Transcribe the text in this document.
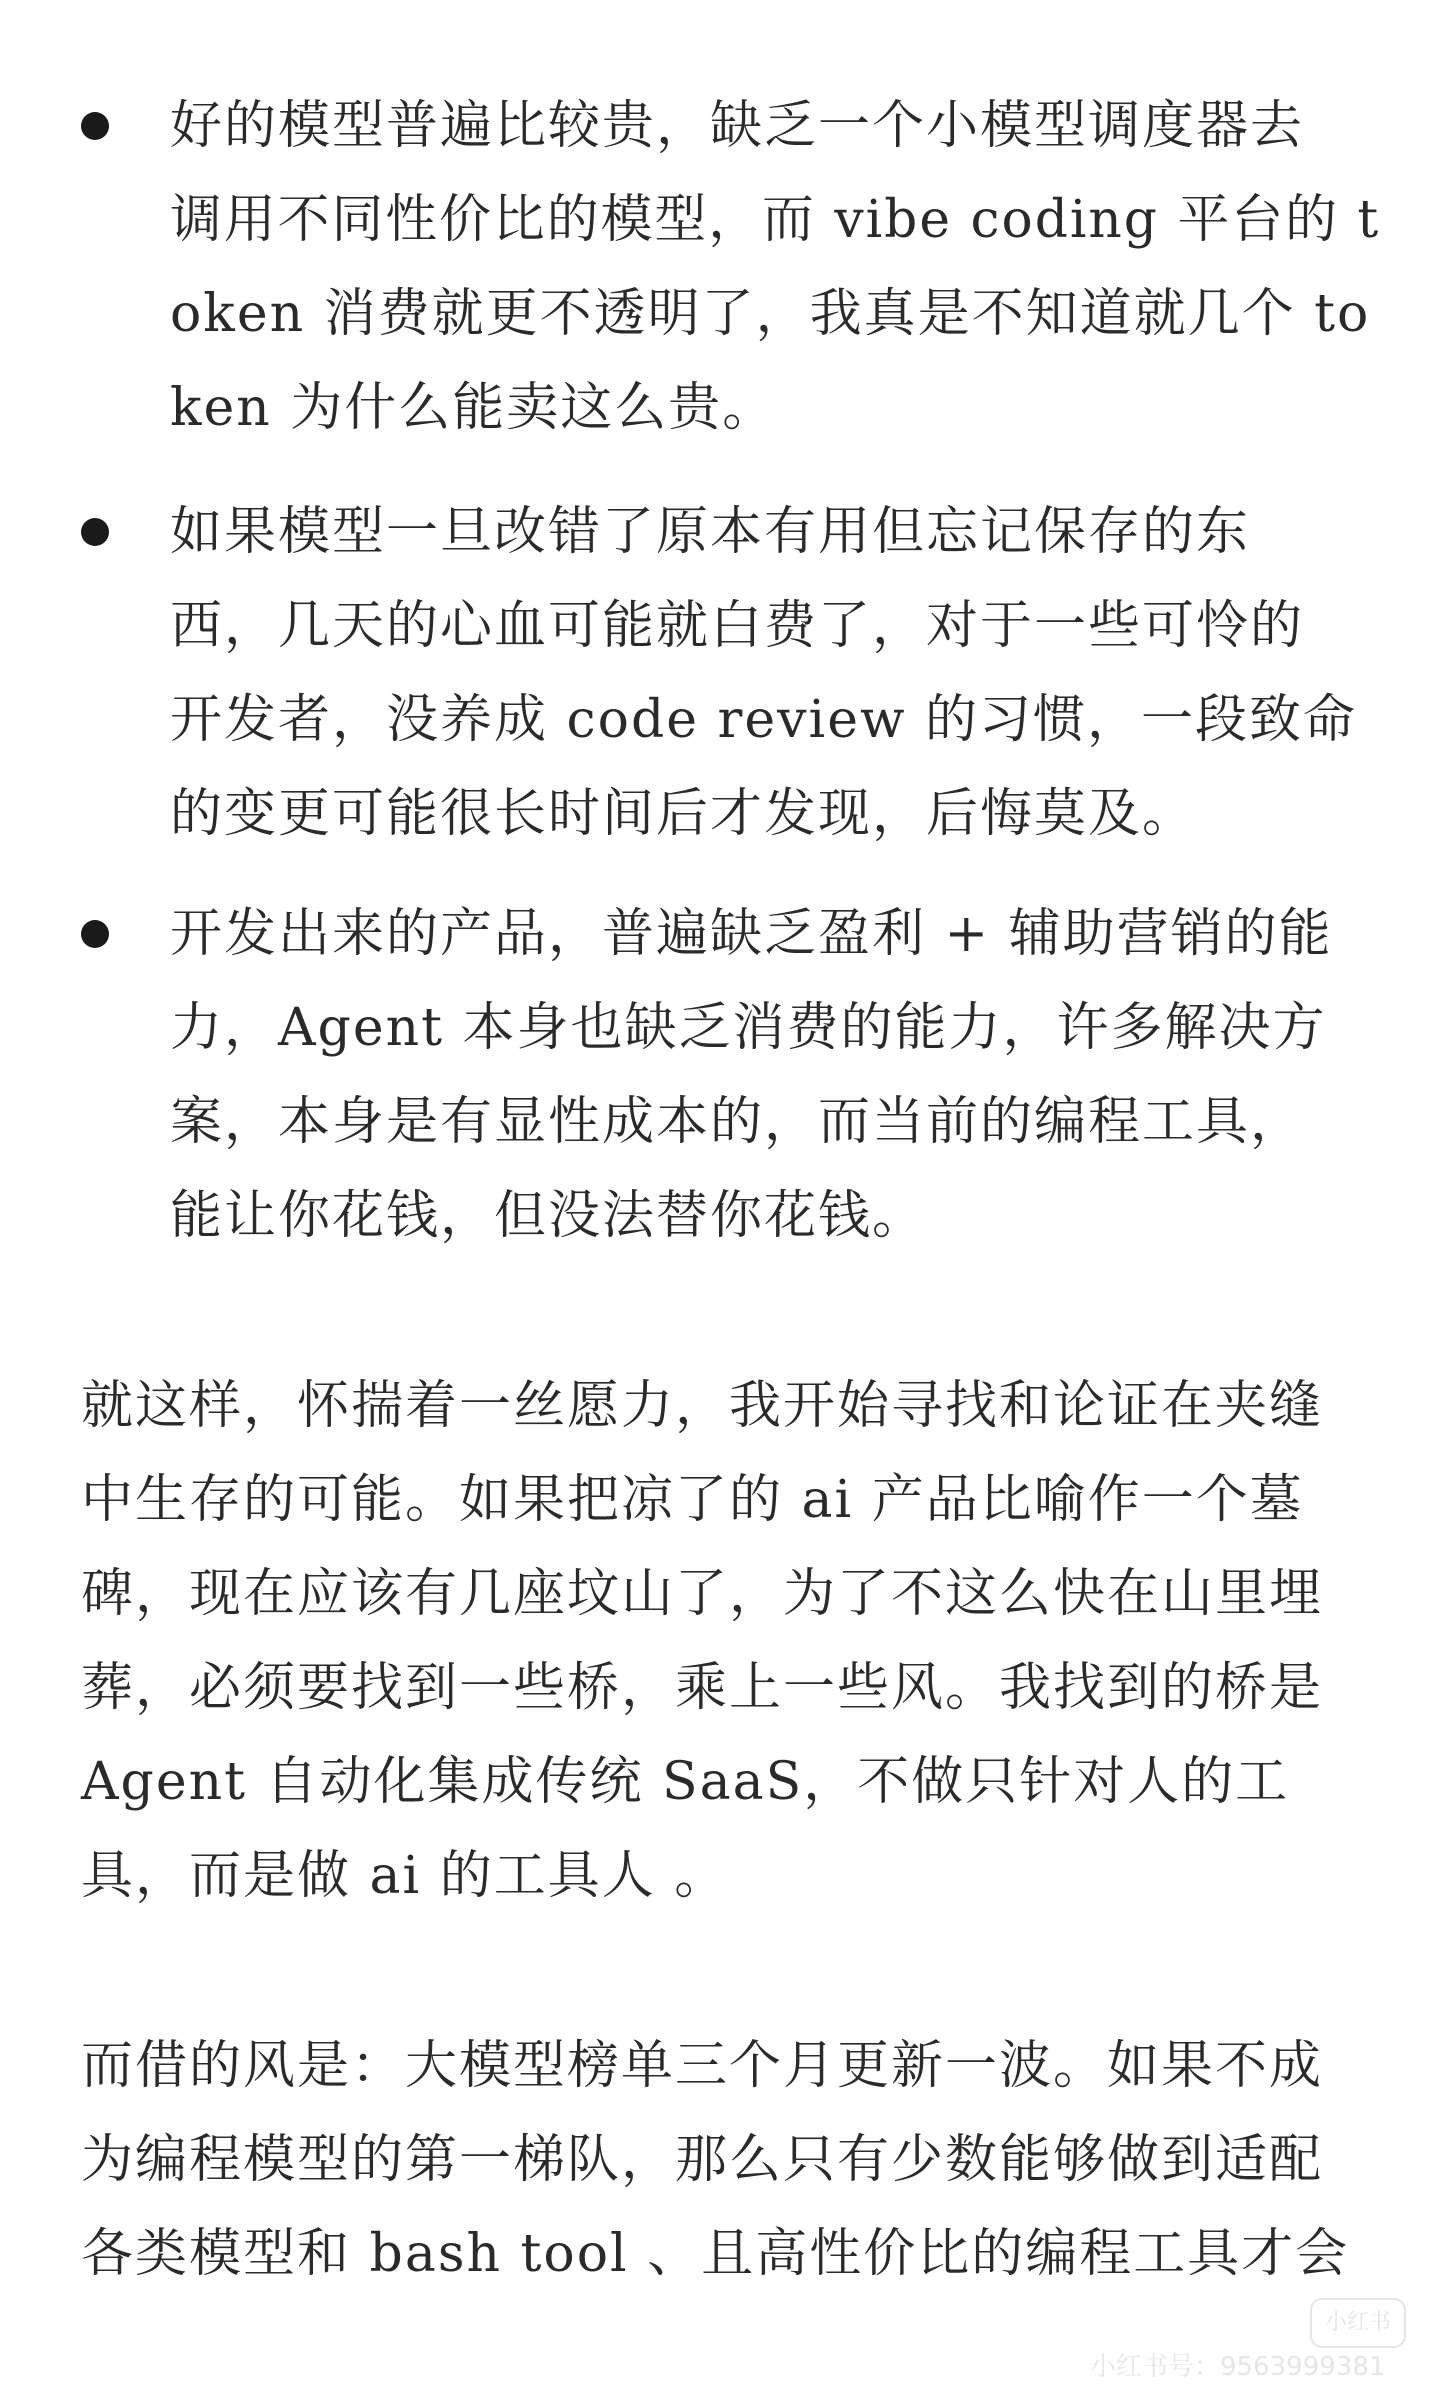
好的模型普遍比较贵，缺乏一个小模型调度器去
调用不同性价比的模型，而 vibe coding 平台的 t
oken 消费就更不透明了，我真是不知道就几个 to
ken 为什么能卖这么贵。
如果模型一旦改错了原本有用但忘记保存的东
西，几天的心血可能就白费了，对于一些可怜的
开发者，没养成 code review 的习惯，一段致命
的变更可能很长时间后才发现，后悔莫及。
开发出来的产品，普遍缺乏盈利 + 辅助营销的能
力，Agent 本身也缺乏消费的能力，许多解决方
案，本身是有显性成本的，而当前的编程工具，
能让你花钱，但没法替你花钱。
就这样，怀揣着一丝愿力，我开始寻找和论证在夹缝
中生存的可能。如果把凉了的 ai 产品比喻作一个墓
碑，现在应该有几座坟山了，为了不这么快在山里埋
葬，必须要找到一些桥，乘上一些风。我找到的桥是
Agent 自动化集成传统 SaaS，不做只针对人的工
具，而是做 ai 的工具人 。
而借的风是：大模型榜单三个月更新一波。如果不成
为编程模型的第一梯队，那么只有少数能够做到适配
各类模型和 bash tool 、且高性价比的编程工具才会
小红书
小红书号：9563999381
